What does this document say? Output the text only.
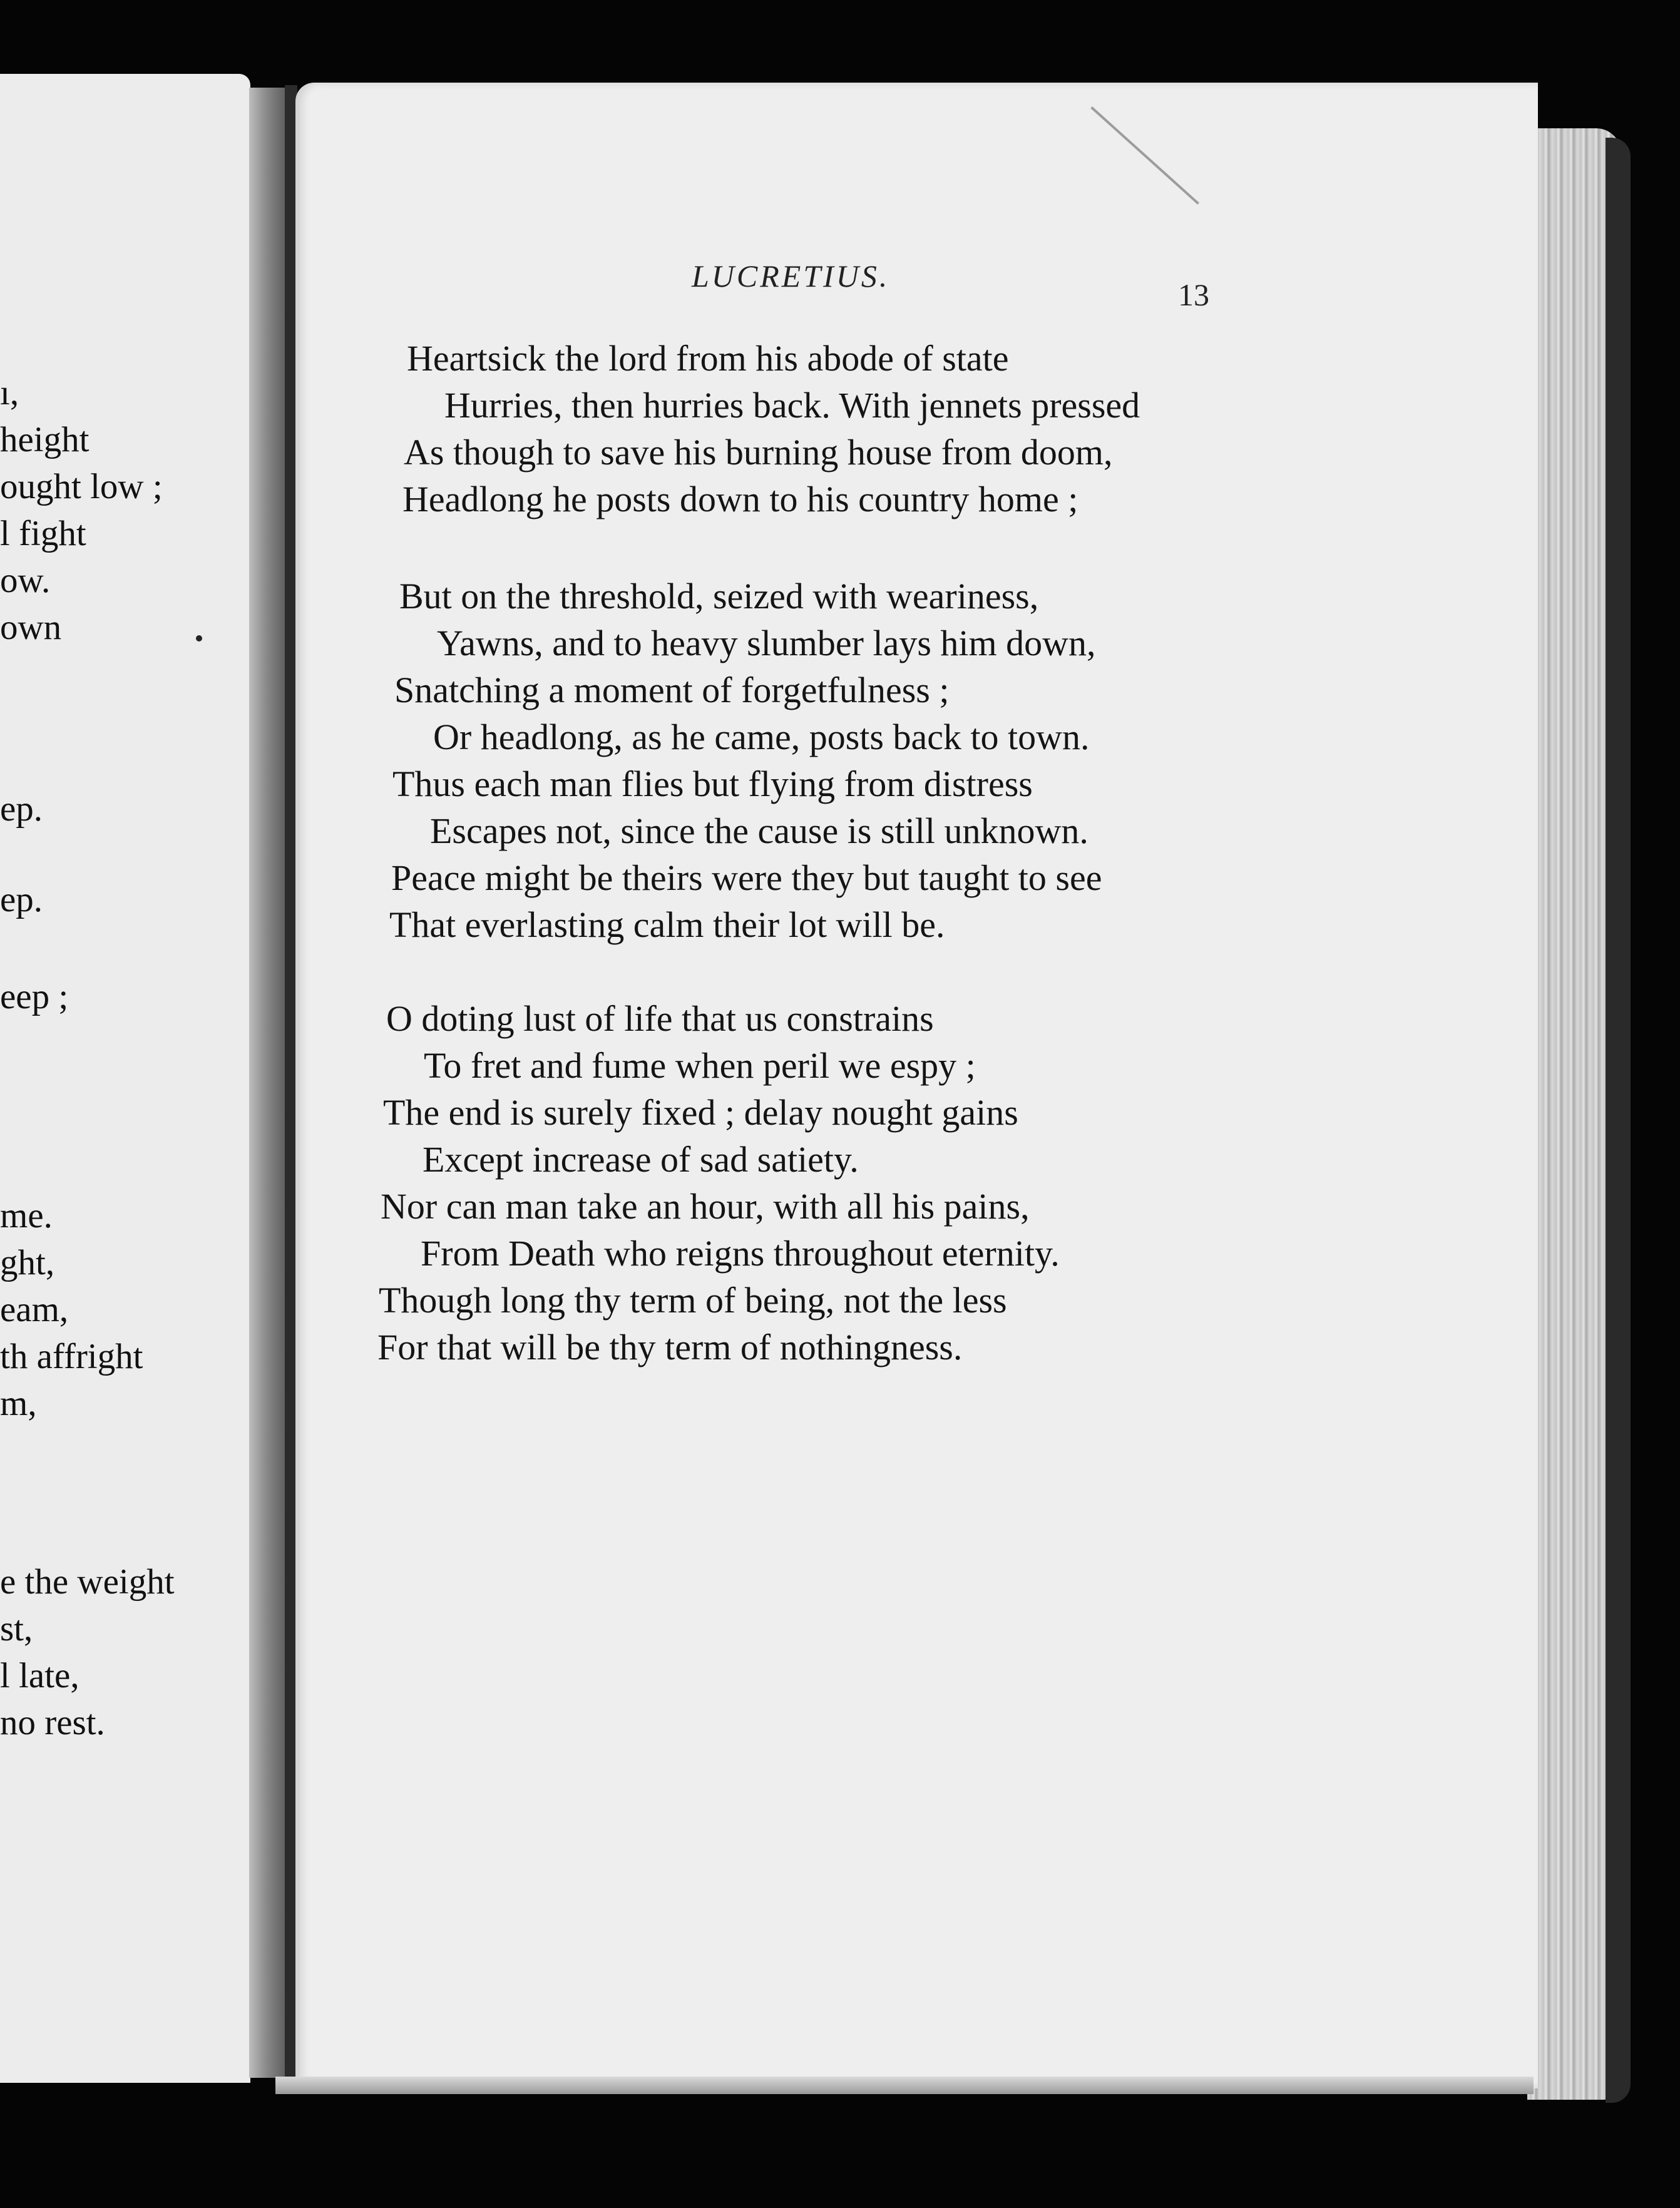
ı,
height
ought low ;
l fight
ow.
own
ep.
ep.
eep ;
me.
ght,
eam,
th affright
m,
e the weight
st,
l late,
no rest.
LUCRETIUS.
13
Heartsick the lord from his abode of state
Hurries, then hurries back. With jennets pressed
As though to save his burning house from doom,
Headlong he posts down to his country home ;
But on the threshold, seized with weariness,
Yawns, and to heavy slumber lays him down,
Snatching a moment of forgetfulness ;
Or headlong, as he came, posts back to town.
Thus each man flies but flying from distress
Escapes not, since the cause is still unknown.
Peace might be theirs were they but taught to see
That everlasting calm their lot will be.
O doting lust of life that us constrains
To fret and fume when peril we espy ;
The end is surely fixed ; delay nought gains
Except increase of sad satiety.
Nor can man take an hour, with all his pains,
From Death who reigns throughout eternity.
Though long thy term of being, not the less
For that will be thy term of nothingness.
